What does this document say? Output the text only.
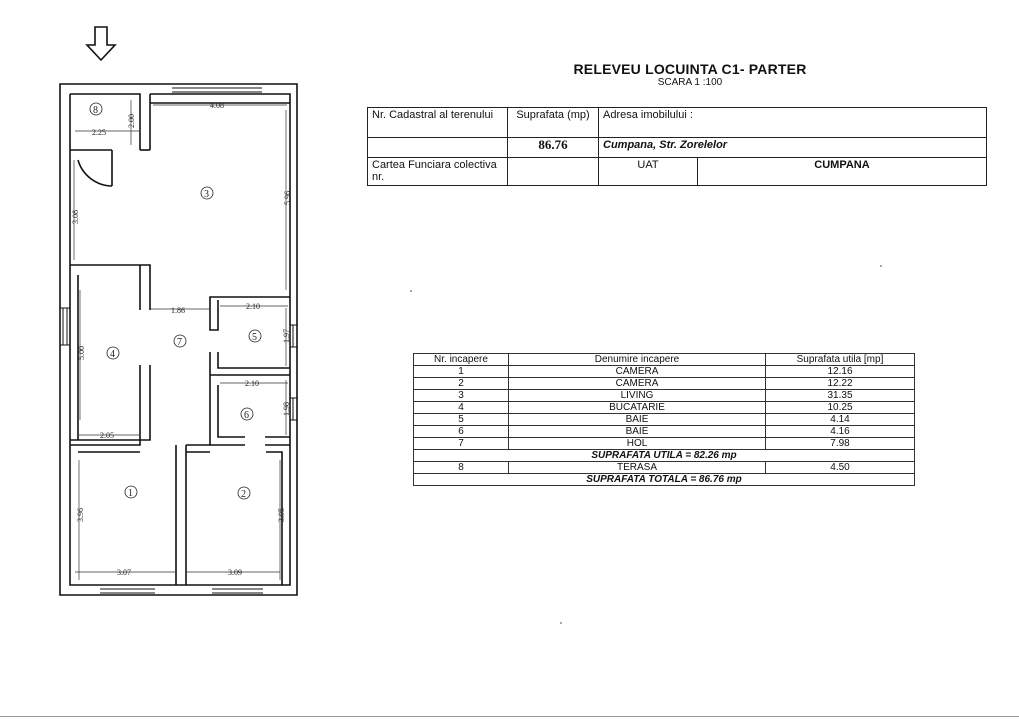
2.25
2.00
4.08
5.96
3.08
1.86	2.10
1.97
5.00
2.10
1.98
2.05
3.96	3.95
3.07	3.09
8
3
4
7	5
6
1	2
RELEVEU LOCUINTA C1- PARTER
SCARA 1 :100
Nr. Cadastral al terenului	Suprafata (mp)	Adresa imobilului :	
	86.76	Cumpana, Str. Zorelelor	
Cartea Funciara colectiva nr.		UAT	CUMPANA
Nr. incapere	Denumire incapere	Suprafata utila [mp]
1	CAMERA	12.16
2	CAMERA	12.22
3	LIVING	31.35
4	BUCATARIE	10.25
5	BAIE	4.14
6	BAIE	4.16
7	HOL	7.98
SUPRAFATA UTILA = 82.26 mp		
8	TERASA	4.50
SUPRAFATA TOTALA = 86.76 mp		
